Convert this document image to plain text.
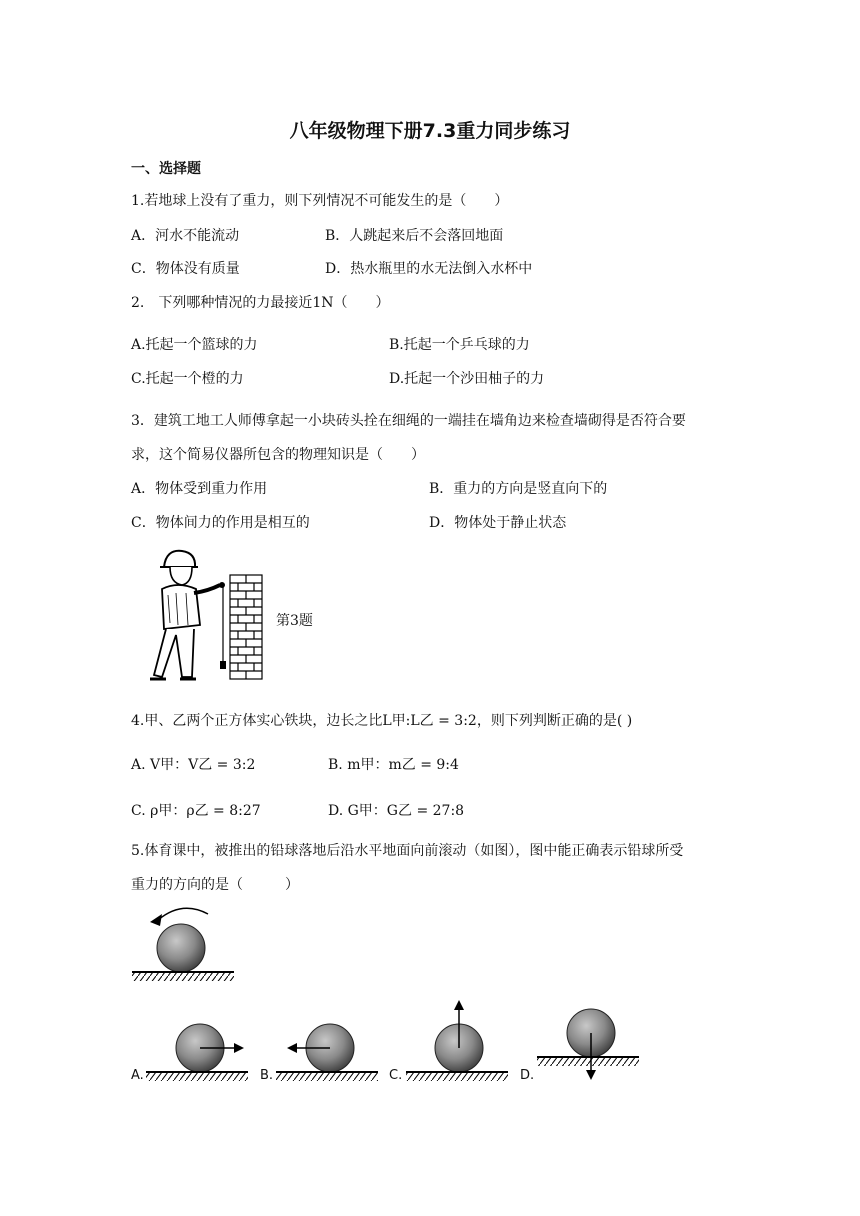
八年级物理下册7.3重力同步练习
一、选择题
1.若地球上没有了重力，则下列情况不可能发生的是（　　）
A．河水不能流动	B．人跳起来后不会落回地面
C．物体没有质量	D．热水瓶里的水无法倒入水杯中
2.　下列哪种情况的力最接近1N（　　）
A.托起一个篮球的力	B.托起一个乒乓球的力
C.托起一个橙的力	D.托起一个沙田柚子的力
3．建筑工地工人师傅拿起一小块砖头拴在细绳的一端挂在墙角边来检查墙砌得是否符合要
求，这个简易仪器所包含的物理知识是（　　）
A．物体受到重力作用	B．重力的方向是竖直向下的
C．物体间力的作用是相互的	D．物体处于静止状态
第3题
4.甲、乙两个正方体实心铁块，边长之比L甲:L乙 = 3:2，则下列判断正确的是( )
A. V甲：V乙 = 3:2	B. m甲：m乙 = 9:4
C. ρ甲：ρ乙 = 8:27	D. G甲：G乙 = 27:8
5.体育课中，被推出的铅球落地后沿水平地面向前滚动（如图），图中能正确表示铅球所受
重力的方向的是（　　　）
A.	B.	C.	D.
